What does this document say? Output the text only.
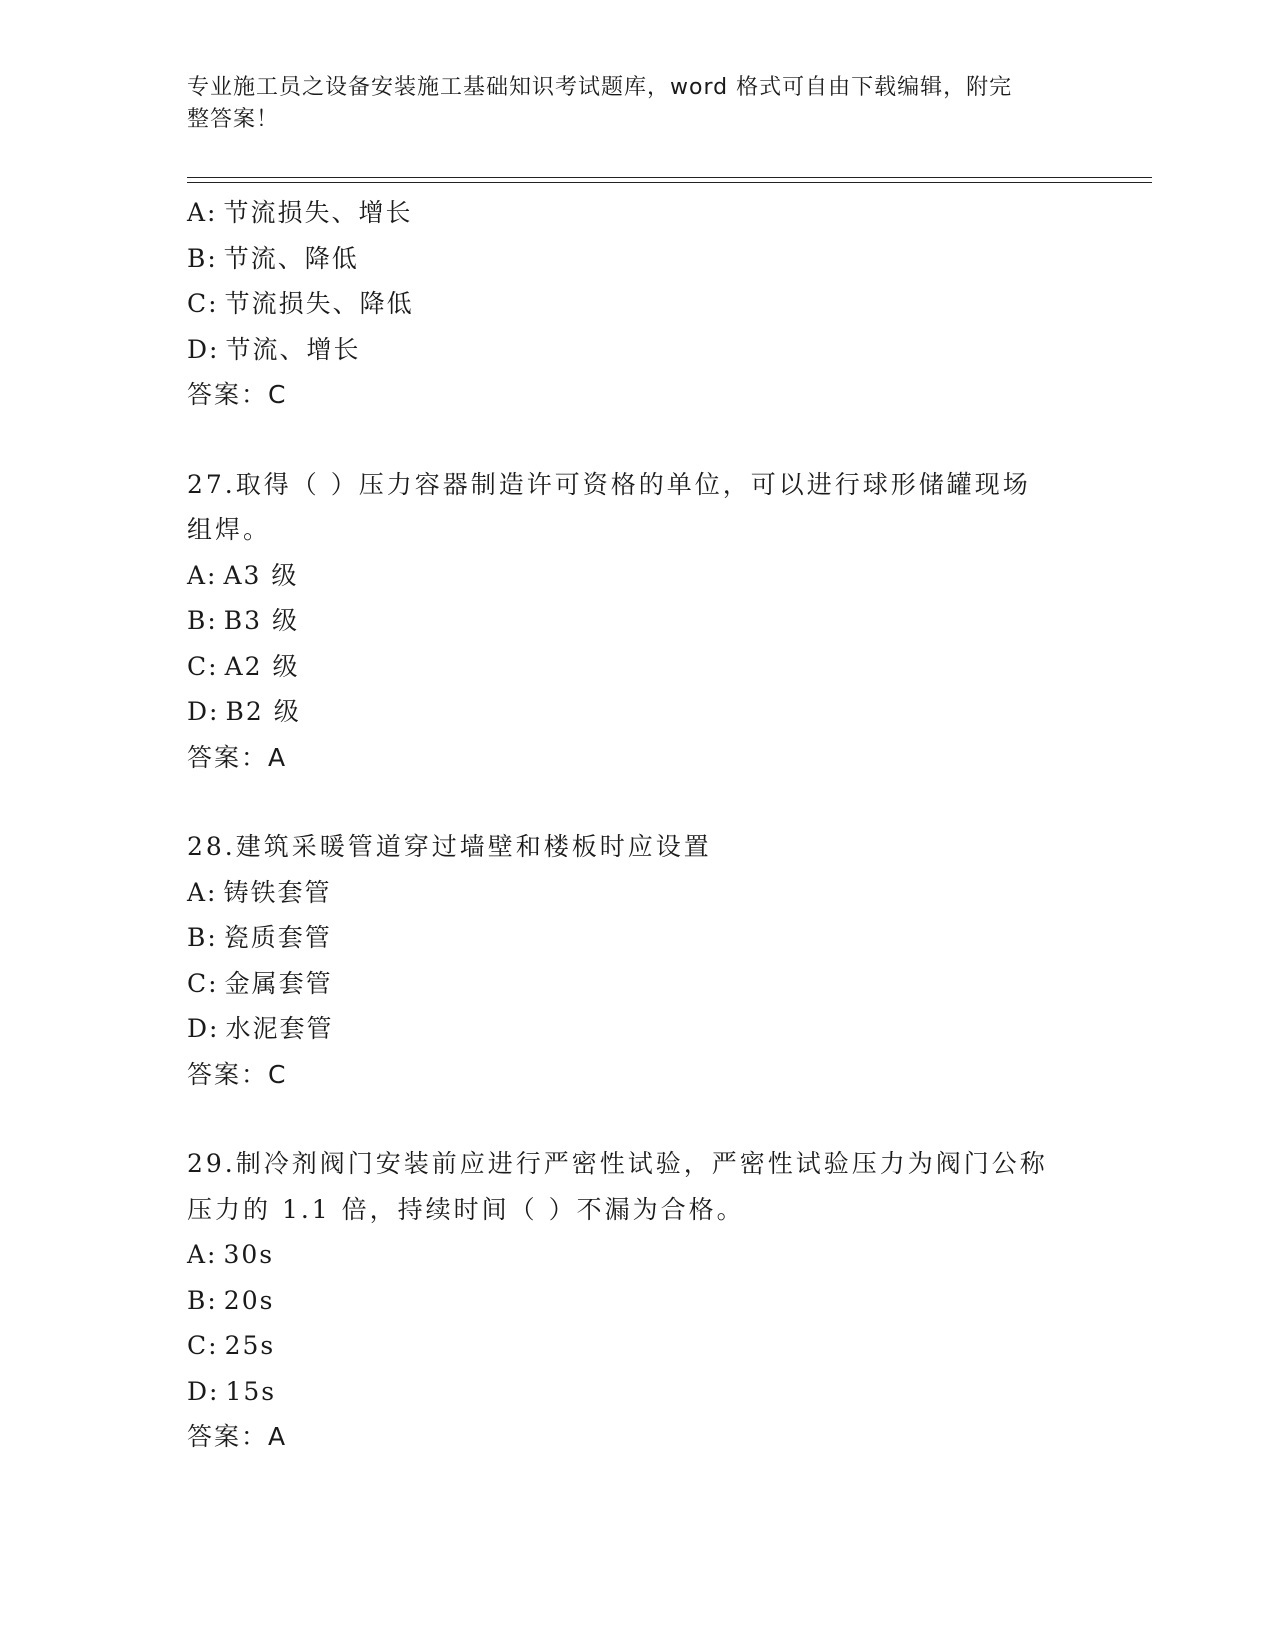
专业施工员之设备安装施工基础知识考试题库，word 格式可自由下载编辑，附完
整答案！
A: 节流损失、增长
B: 节流、降低
C: 节流损失、降低
D: 节流、增长
答案：C
27.取得（ ）压力容器制造许可资格的单位，可以进行球形储罐现场
组焊。
A: A3 级
B: B3 级
C: A2 级
D: B2 级
答案：A
28.建筑采暖管道穿过墙壁和楼板时应设置
A: 铸铁套管
B: 瓷质套管
C: 金属套管
D: 水泥套管
答案：C
29.制冷剂阀门安装前应进行严密性试验，严密性试验压力为阀门公称
压力的 1.1 倍，持续时间（ ）不漏为合格。
A: 30s
B: 20s
C: 25s
D: 15s
答案：A
